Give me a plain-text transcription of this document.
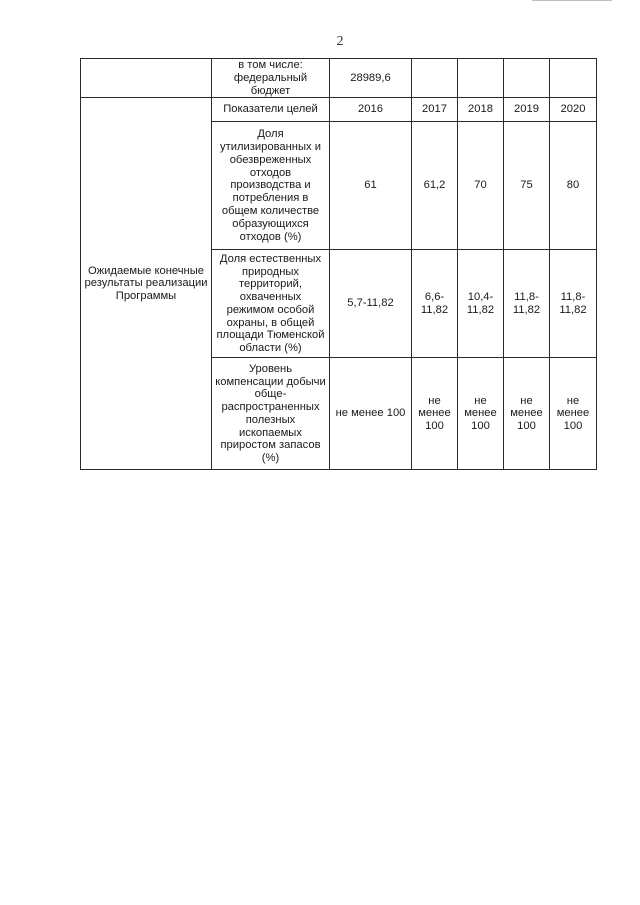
2
	в том числе: федеральный бюджет	28989,6				
Ожидаемые конечные результаты реализации Программы	Показатели целей	2016	2017	2018	2019	2020
	Доля утилизированных и обезвреженных отходов производства и потребления в общем количестве образующихся отходов (%)	61	61,2	70	75	80
	Доля естественных природных территорий, охваченных режимом особой охраны, в общей площади Тюменской области (%)	5,7-11,82	6,6-11,82	10,4-11,82	11,8-11,82	11,8-11,82
	Уровень компенсации добычи обще-распространенных полезных ископаемых приростом запасов (%)	не менее 100	не менее 100	не менее 100	не менее 100	не менее 100
